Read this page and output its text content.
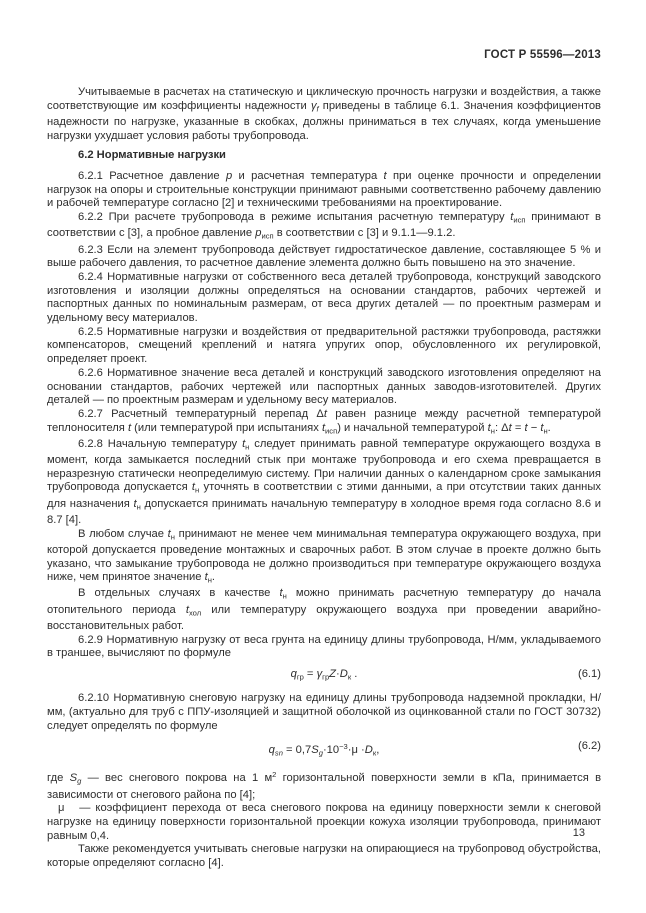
ГОСТ Р 55596—2013
Учитываемые в расчетах на статическую и циклическую прочность нагрузки и воздействия, а также соответствующие им коэффициенты надежности $\gamma_f$ приведены в таблице 6.1. Значения коэффициентов надежности по нагрузке, указанные в скобках, должны приниматься в тех случаях, когда уменьшение нагрузки ухудшает условия работы трубопровода.
6.2 Нормативные нагрузки
6.2.1 Расчетное давление p и расчетная температура t при оценке прочности и определении нагрузок на опоры и строительные конструкции принимают равными соответственно рабочему давлению и рабочей температуре согласно [2] и техническими требованиями на проектирование.
6.2.2 При расчете трубопровода в режиме испытания расчетную температуру $t_{исп}$ принимают в соответствии с [3], а пробное давление $p_{исп}$ в соответствии с [3] и 9.1.1—9.1.2.
6.2.3 Если на элемент трубопровода действует гидростатическое давление, составляющее 5 % и выше рабочего давления, то расчетное давление элемента должно быть повышено на это значение.
6.2.4 Нормативные нагрузки от собственного веса деталей трубопровода, конструкций заводского изготовления и изоляции должны определяться на основании стандартов, рабочих чертежей и паспортных данных по номинальным размерам, от веса других деталей — по проектным размерам и удельному весу материалов.
6.2.5 Нормативные нагрузки и воздействия от предварительной растяжки трубопровода, растяжки компенсаторов, смещений креплений и натяга упругих опор, обусловленного их регулировкой, определяет проект.
6.2.6 Нормативное значение веса деталей и конструкций заводского изготовления определяют на основании стандартов, рабочих чертежей или паспортных данных заводов-изготовителей. Других деталей — по проектным размерам и удельному весу материалов.
6.2.7 Расчетный температурный перепад Δt равен разнице между расчетной температурой теплоносителя t (или температурой при испытаниях $t_{исп}$) и начальной температурой $t_н$: $\Delta t = t - t_н$.
6.2.8 Начальную температуру $t_н$ следует принимать равной температуре окружающего воздуха в момент, когда замыкается последний стык при монтаже трубопровода и его схема превращается в неразрезную статически неопределимую систему. При наличии данных о календарном сроке замыкания трубопровода допускается $t_н$ уточнять в соответствии с этими данными, а при отсутствии таких данных для назначения $t_н$ допускается принимать начальную температуру в холодное время года согласно 8.6 и 8.7 [4].
В любом случае $t_н$ принимают не менее чем минимальная температура окружающего воздуха, при которой допускается проведение монтажных и сварочных работ. В этом случае в проекте должно быть указано, что замыкание трубопровода не должно производиться при температуре окружающего воздуха ниже, чем принятое значение $t_н$.
В отдельных случаях в качестве $t_н$ можно принимать расчетную температуру до начала отопительного периода $t_{хол}$ или температуру окружающего воздуха при проведении аварийно-восстановительных работ.
6.2.9 Нормативную нагрузку от веса грунта на единицу длины трубопровода, Н/мм, укладываемого в траншее, вычисляют по формуле
$q_{гр} = \gamma_{гр}Z\cdot D_к$ .	(6.1)
6.2.10 Нормативную снеговую нагрузку на единицу длины трубопровода надземной прокладки, Н/мм, (актуально для труб с ППУ-изоляцией и защитной оболочкой из оцинкованной стали по ГОСТ 30732) следует определять по формуле
$q_{sn} = 0,7S_g\cdot 10^{-3}\cdot\mu \cdot D_к$,	(6.2)
где $S_g$ — вес снегового покрова на 1 $м^2$ горизонтальной поверхности земли в кПа, принимается в зависимости от снегового района по [4];
μ   — коэффициент перехода от веса снегового покрова на единицу поверхности земли к снеговой нагрузке на единицу поверхности горизонтальной проекции кожуха изоляции трубопровода, принимают равным 0,4.
Также рекомендуется учитывать снеговые нагрузки на опирающиеся на трубопровод обустройства, которые определяют согласно [4].
13
